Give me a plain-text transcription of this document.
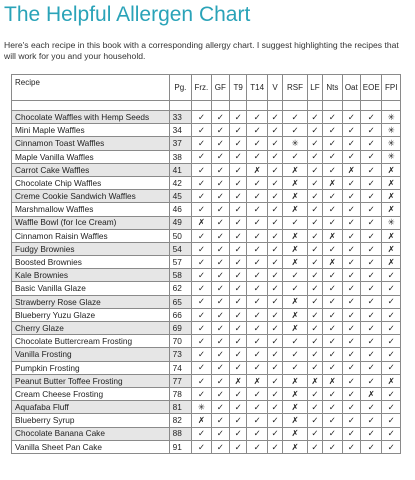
The Helpful Allergen Chart

Here's each recipe in this book with a corresponding allergy chart. I suggest highlighting the recipes that will work for you and your household.

Recipe	Pg.	Frz.	GF	T9	T14	V	RSF	LF	Nts	Oat	EOE	FPI

Chocolate Waffles with Hemp Seeds	33	✓	✓	✓	✓	✓	✓	✓	✓	✓	✓	✳
Mini Maple Waffles	34	✓	✓	✓	✓	✓	✓	✓	✓	✓	✓	✳
Cinnamon Toast Waffles	37	✓	✓	✓	✓	✓	✳	✓	✓	✓	✓	✳
Maple Vanilla Waffles	38	✓	✓	✓	✓	✓	✓	✓	✓	✓	✓	✳
Carrot Cake Waffles	41	✓	✓	✓	✗	✓	✗	✓	✓	✗	✓	✗
Chocolate Chip Waffles	42	✓	✓	✓	✓	✓	✗	✓	✗	✓	✓	✗
Creme Cookie Sandwich Waffles	45	✓	✓	✓	✓	✓	✗	✓	✓	✓	✓	✗
Marshmallow Waffles	46	✓	✓	✓	✓	✓	✗	✓	✓	✓	✓	✗
Waffle Bowl (for Ice Cream)	49	✗	✓	✓	✓	✓	✓	✓	✓	✓	✓	✳
Cinnamon Raisin Waffles	50	✓	✓	✓	✓	✓	✗	✓	✗	✓	✓	✗
Fudgy Brownies	54	✓	✓	✓	✓	✓	✗	✓	✓	✓	✓	✗
Boosted Brownies	57	✓	✓	✓	✓	✓	✗	✓	✗	✓	✓	✗
Kale Brownies	58	✓	✓	✓	✓	✓	✓	✓	✓	✓	✓	✓
Basic Vanilla Glaze	62	✓	✓	✓	✓	✓	✓	✓	✓	✓	✓	✓
Strawberry Rose Glaze	65	✓	✓	✓	✓	✓	✗	✓	✓	✓	✓	✓
Blueberry Yuzu Glaze	66	✓	✓	✓	✓	✓	✗	✓	✓	✓	✓	✓
Cherry Glaze	69	✓	✓	✓	✓	✓	✗	✓	✓	✓	✓	✓
Chocolate Buttercream Frosting	70	✓	✓	✓	✓	✓	✓	✓	✓	✓	✓	✓
Vanilla Frosting	73	✓	✓	✓	✓	✓	✓	✓	✓	✓	✓	✓
Pumpkin Frosting	74	✓	✓	✓	✓	✓	✓	✓	✓	✓	✓	✓
Peanut Butter Toffee Frosting	77	✓	✓	✗	✗	✓	✗	✗	✗	✓	✓	✗
Cream Cheese Frosting	78	✓	✓	✓	✓	✓	✗	✓	✓	✓	✗	✓
Aquafaba Fluff	81	✳	✓	✓	✓	✓	✗	✓	✓	✓	✓	✓
Blueberry Syrup	82	✗	✓	✓	✓	✓	✗	✓	✓	✓	✓	✓
Chocolate Banana Cake	88	✓	✓	✓	✓	✓	✗	✓	✓	✓	✓	✓
Vanilla Sheet Pan Cake	91	✓	✓	✓	✓	✓	✗	✓	✓	✓	✓	✓
